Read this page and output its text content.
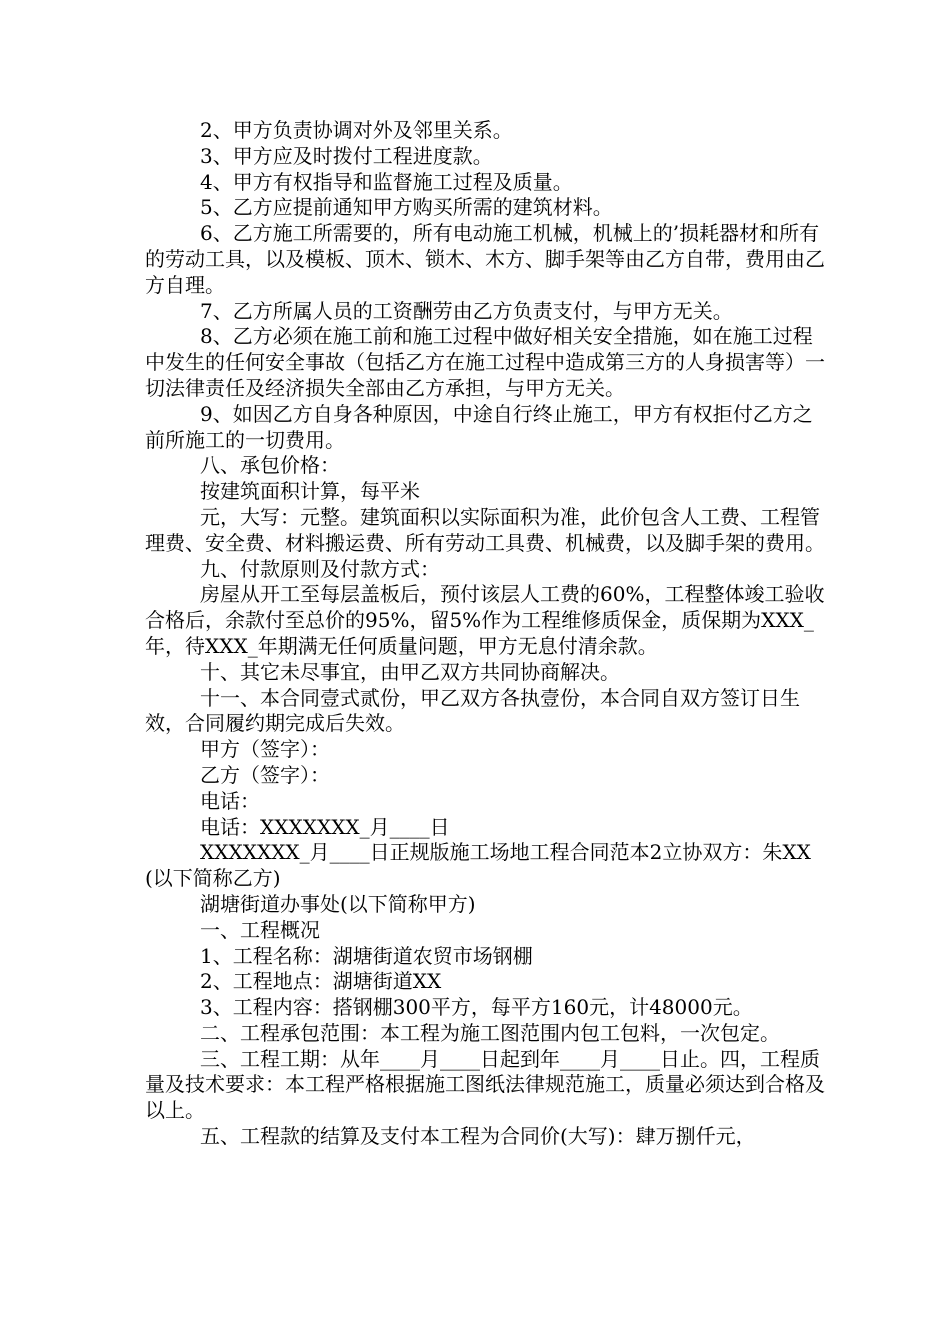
2、甲方负责协调对外及邻里关系。

3、甲方应及时拨付工程进度款。

4、甲方有权指导和监督施工过程及质量。

5、乙方应提前通知甲方购买所需的建筑材料。

6、乙方施工所需要的，所有电动施工机械，机械上的’损耗器材和所有的劳动工具，以及模板、顶木、锁木、木方、脚手架等由乙方自带，费用由乙方自理。

7、乙方所属人员的工资酬劳由乙方负责支付，与甲方无关。

8、乙方必须在施工前和施工过程中做好相关安全措施，如在施工过程中发生的任何安全事故（包括乙方在施工过程中造成第三方的人身损害等）一切法律责任及经济损失全部由乙方承担，与甲方无关。

9、如因乙方自身各种原因，中途自行终止施工，甲方有权拒付乙方之前所施工的一切费用。

八、承包价格：

按建筑面积计算，每平米

元，大写：元整。建筑面积以实际面积为准，此价包含人工费、工程管理费、安全费、材料搬运费、所有劳动工具费、机械费，以及脚手架的费用。

九、付款原则及付款方式：

房屋从开工至每层盖板后，预付该层人工费的60%，工程整体竣工验收合格后，余款付至总价的95%，留5%作为工程维修质保金，质保期为XXX_年，待XXX_年期满无任何质量问题，甲方无息付清余款。

十、其它未尽事宜，由甲乙双方共同协商解决。

十一、本合同壹式贰份，甲乙双方各执壹份，本合同自双方签订日生效，合同履约期完成后失效。

甲方（签字）：

乙方（签字）：

电话：

电话：XXXXXXX_月____日

XXXXXXX_月____日正规版施工场地工程合同范本2立协双方：朱XX(以下简称乙方)

湖塘街道办事处(以下简称甲方)

一、工程概况

1、工程名称：湖塘街道农贸市场钢棚

2、工程地点：湖塘街道XX

3、工程内容：搭钢棚300平方，每平方160元，计48000元。

二、工程承包范围：本工程为施工图范围内包工包料，一次包定。

三、工程工期：从年____月____日起到年____月____日止。四，工程质量及技术要求：本工程严格根据施工图纸法律规范施工，质量必须达到合格及以上。

五、工程款的结算及支付本工程为合同价(大写)：肆万捌仟元，
